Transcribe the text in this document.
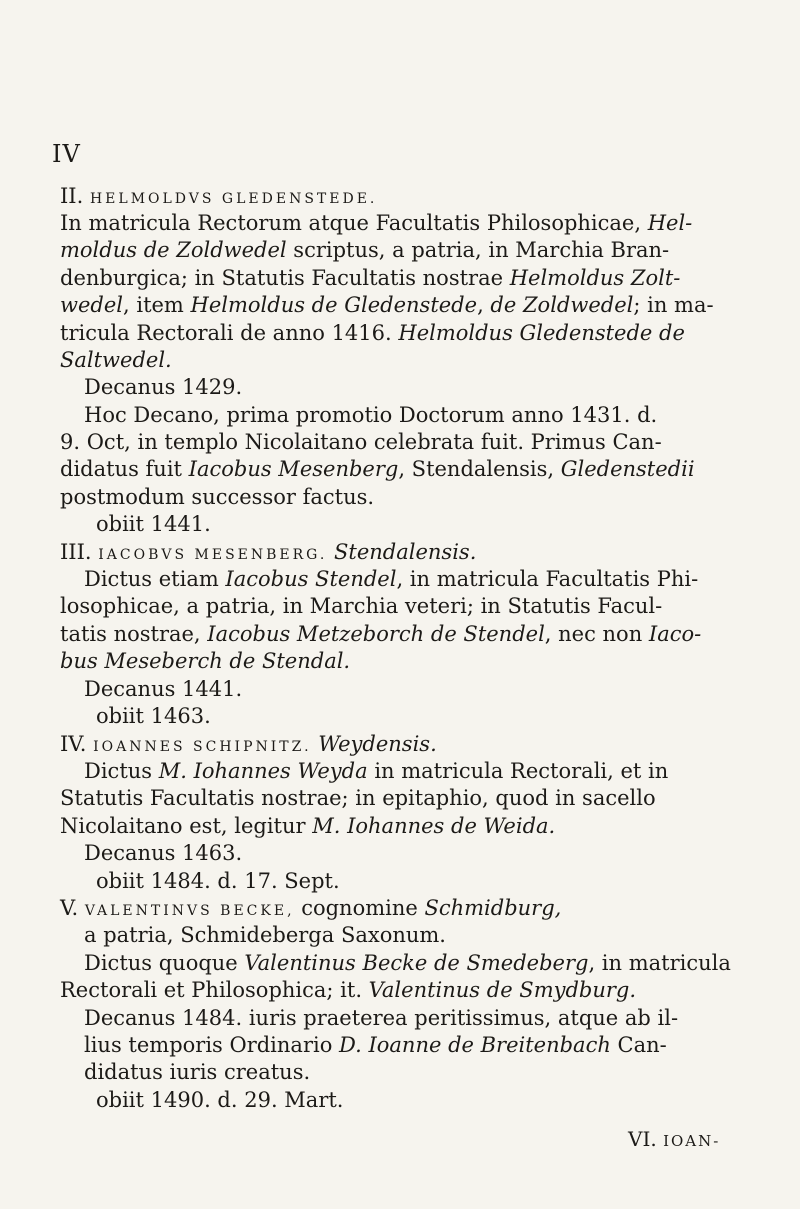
IV
II. HELMOLDVS GLEDENSTEDE.
In matricula Rectorum atque Facultatis Philosophicae, Hel-
moldus de Zoldwedel scriptus, a patria, in Marchia Bran-
denburgica; in Statutis Facultatis nostrae Helmoldus Zolt-
wedel, item Helmoldus de Gledenstede, de Zoldwedel; in ma-
tricula Rectorali de anno 1416. Helmoldus Gledenstede de
Saltwedel.
Decanus 1429.
Hoc Decano, prima promotio Doctorum anno 1431. d.
9. Oct, in templo Nicolaitano celebrata fuit. Primus Can-
didatus fuit Iacobus Mesenberg, Stendalensis, Gledenstedii
postmodum successor factus.
obiit 1441.
III. IACOBVS MESENBERG. Stendalensis.
Dictus etiam Iacobus Stendel, in matricula Facultatis Phi-
losophicae, a patria, in Marchia veteri; in Statutis Facul-
tatis nostrae, Iacobus Metzeborch de Stendel, nec non Iaco-
bus Meseberch de Stendal.
Decanus 1441.
obiit 1463.
IV. IOANNES SCHIPNITZ. Weydensis.
Dictus M. Iohannes Weyda in matricula Rectorali, et in
Statutis Facultatis nostrae; in epitaphio, quod in sacello
Nicolaitano est, legitur M. Iohannes de Weida.
Decanus 1463.
obiit 1484. d. 17. Sept.
V. VALENTINVS BECKE, cognomine Schmidburg,
a patria, Schmideberga Saxonum.
Dictus quoque Valentinus Becke de Smedeberg, in matricula
Rectorali et Philosophica; it. Valentinus de Smydburg.
Decanus 1484. iuris praeterea peritissimus, atque ab il-
lius temporis Ordinario D. Ioanne de Breitenbach Can-
didatus iuris creatus.
obiit 1490. d. 29. Mart.
VI. IOAN-
